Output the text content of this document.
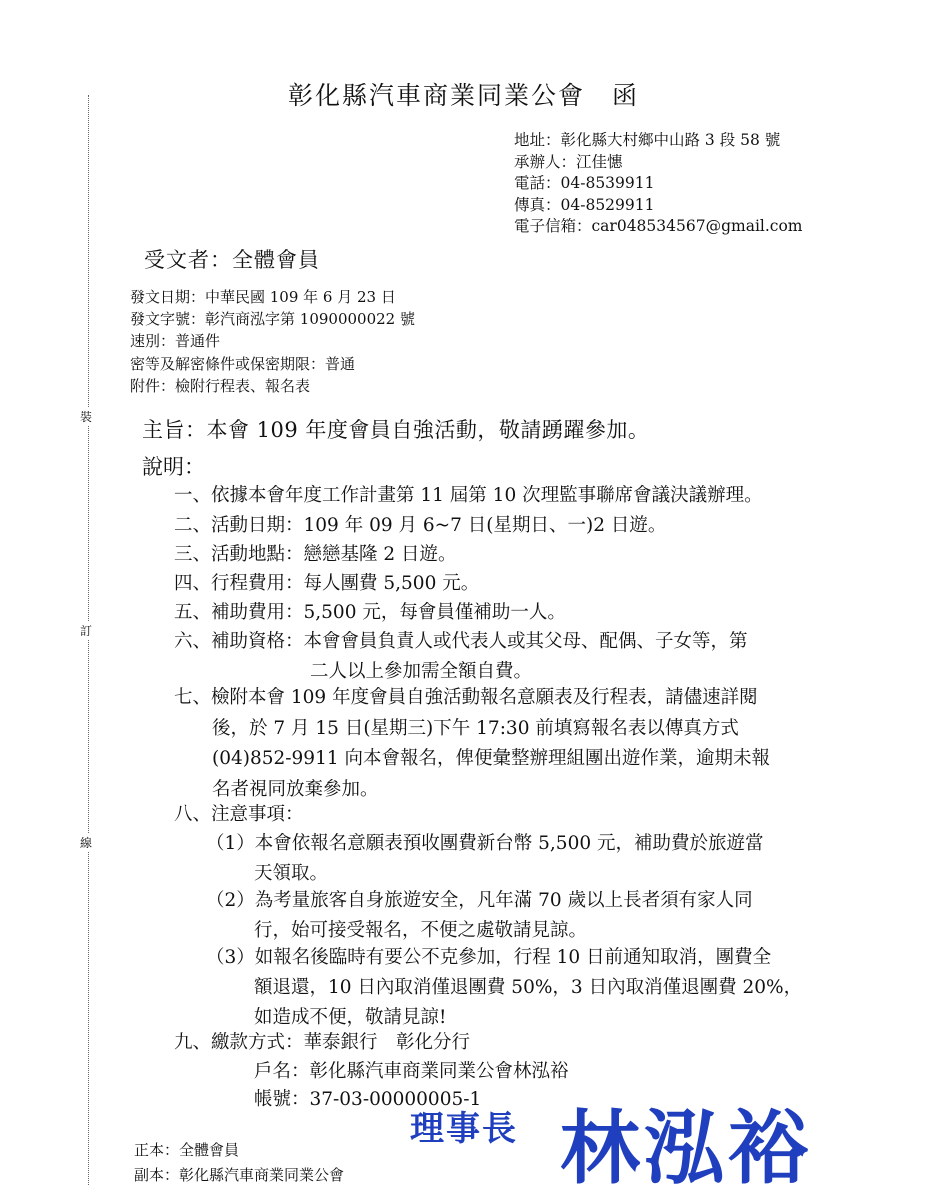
裝
訂
線
彰化縣汽車商業同業公會　函
地址：彰化縣大村鄉中山路 3 段 58 號
承辦人：江佳憓
電話：04-8539911
傳真：04-8529911
電子信箱：car048534567@gmail.com
受文者：全體會員
發文日期：中華民國 109 年 6 月 23 日
發文字號：彰汽商泓字第 1090000022 號
速別：普通件
密等及解密條件或保密期限：普通
附件：檢附行程表、報名表
主旨：本會 109 年度會員自強活動，敬請踴躍參加。
說明：
一、依據本會年度工作計畫第 11 屆第 10 次理監事聯席會議決議辦理。
二、活動日期：109 年 09 月 6~7 日(星期日、一)2 日遊。
三、活動地點：戀戀基隆 2 日遊。
四、行程費用：每人團費 5,500 元。
五、補助費用：5,500 元，每會員僅補助一人。
六、補助資格：本會會員負責人或代表人或其父母、配偶、子女等，第
二人以上參加需全額自費。
七、檢附本會 109 年度會員自強活動報名意願表及行程表，請儘速詳閱
後，於 7 月 15 日(星期三)下午 17:30 前填寫報名表以傳真方式
(04)852-9911 向本會報名，俾便彙整辦理組團出遊作業，逾期未報
名者視同放棄參加。
八、注意事項：
（1）本會依報名意願表預收團費新台幣 5,500 元，補助費於旅遊當
天領取。
（2）為考量旅客自身旅遊安全，凡年滿 70 歲以上長者須有家人同
行，始可接受報名，不便之處敬請見諒。
（3）如報名後臨時有要公不克參加，行程 10 日前通知取消，團費全
額退還，10 日內取消僅退團費 50%，3 日內取消僅退團費 20%，
如造成不便，敬請見諒!
九、繳款方式：華泰銀行　彰化分行
戶名：彰化縣汽車商業同業公會林泓裕
帳號：37-03-00000005-1
理事長 林泓裕
正本：全體會員
副本：彰化縣汽車商業同業公會
